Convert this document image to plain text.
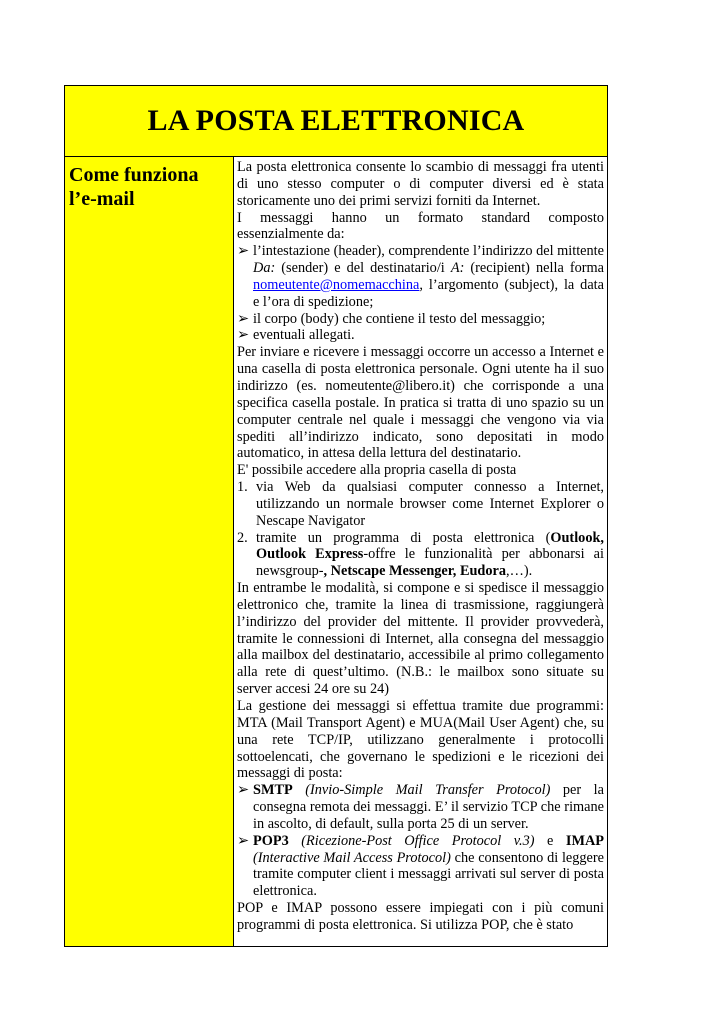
LA POSTA ELETTRONICA

Come funziona l’e-mail

La posta elettronica consente lo scambio di messaggi fra utenti di uno stesso computer o di computer diversi ed è stata storicamente uno dei primi servizi forniti da Internet.

I messaggi hanno un formato standard composto essenzialmente da:

➢ l’intestazione (header), comprendente l’indirizzo del mittente Da: (sender) e del destinatario/i A: (recipient) nella forma nomeutente@nomemacchina, l’argomento (subject), la data e l’ora di spedizione;
➢ il corpo (body) che contiene il testo del messaggio;
➢ eventuali allegati.

Per inviare e ricevere i messaggi occorre un accesso a Internet e una casella di posta elettronica personale. Ogni utente ha il suo indirizzo (es. nomeutente@libero.it) che corrisponde a una specifica casella postale. In pratica si tratta di uno spazio su un computer centrale nel quale i messaggi che vengono via via spediti all’indirizzo indicato, sono depositati in modo automatico, in attesa della lettura del destinatario.

E' possibile accedere alla propria casella di posta

1. via Web da qualsiasi computer connesso a Internet, utilizzando un normale browser come Internet Explorer o Nescape Navigator
2. tramite un programma di posta elettronica (Outlook, Outlook Express-offre le funzionalità per abbonarsi ai newsgroup-, Netscape Messenger, Eudora,…).

In entrambe le modalità, si compone e si spedisce il messaggio elettronico che, tramite la linea di trasmissione, raggiungerà l’indirizzo del provider del mittente. Il provider provvederà, tramite le connessioni di Internet, alla consegna del messaggio alla mailbox del destinatario, accessibile al primo collegamento alla rete di quest’ultimo. (N.B.: le mailbox sono situate su server accesi 24 ore su 24)

La gestione dei messaggi si effettua tramite due programmi: MTA (Mail Transport Agent) e MUA(Mail User Agent) che, su una rete TCP/IP, utilizzano generalmente i protocolli sottoelencati, che governano le spedizioni e le ricezioni dei messaggi di posta:

➢ SMTP (Invio-Simple Mail Transfer Protocol) per la consegna remota dei messaggi. E’ il servizio TCP che rimane in ascolto, di default, sulla porta 25 di un server.
➢ POP3 (Ricezione-Post Office Protocol v.3) e IMAP (Interactive Mail Access Protocol) che consentono di leggere tramite computer client i messaggi arrivati sul server di posta elettronica.

POP e IMAP possono essere impiegati con i più comuni programmi di posta elettronica. Si utilizza POP, che è stato
